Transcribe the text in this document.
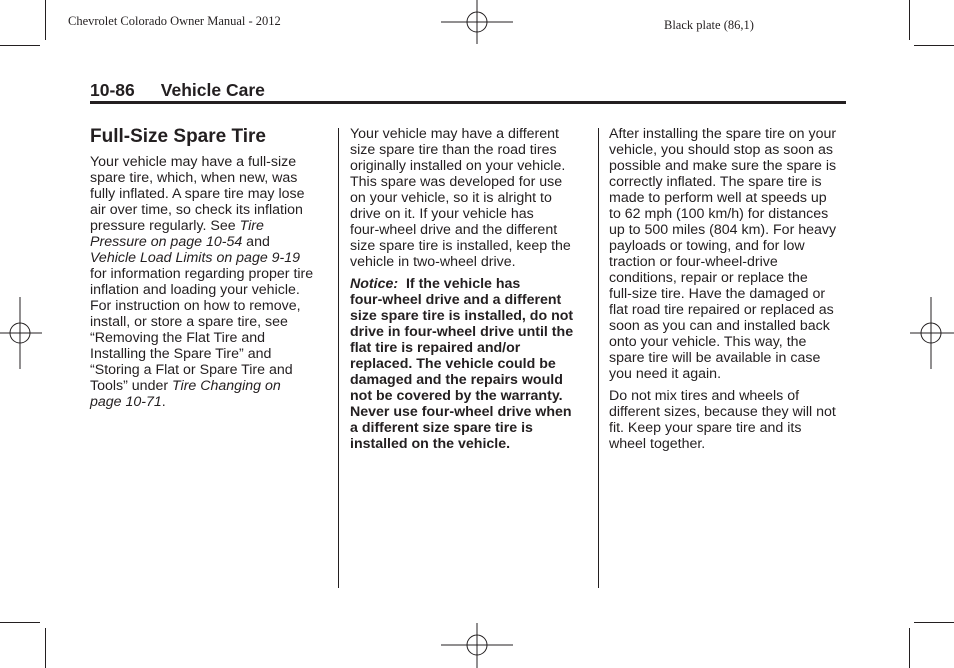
Chevrolet Colorado Owner Manual - 2012	Black plate (86,1)
10-86 Vehicle Care
Full-Size Spare Tire
Your vehicle may have a full-size
spare tire, which, when new, was
fully inflated. A spare tire may lose
air over time, so check its inflation
pressure regularly. See Tire
Pressure on page 10-54 and
Vehicle Load Limits on page 9-19
for information regarding proper tire
inflation and loading your vehicle.
For instruction on how to remove,
install, or store a spare tire, see
“Removing the Flat Tire and
Installing the Spare Tire” and
“Storing a Flat or Spare Tire and
Tools” under Tire Changing on
page 10-71.
Your vehicle may have a different
size spare tire than the road tires
originally installed on your vehicle.
This spare was developed for use
on your vehicle, so it is alright to
drive on it. If your vehicle has
four-wheel drive and the different
size spare tire is installed, keep the
vehicle in two-wheel drive.
Notice:  If the vehicle has
four-wheel drive and a different
size spare tire is installed, do not
drive in four-wheel drive until the
flat tire is repaired and/or
replaced. The vehicle could be
damaged and the repairs would
not be covered by the warranty.
Never use four-wheel drive when
a different size spare tire is
installed on the vehicle.
After installing the spare tire on your
vehicle, you should stop as soon as
possible and make sure the spare is
correctly inflated. The spare tire is
made to perform well at speeds up
to 62 mph (100 km/h) for distances
up to 500 miles (804 km). For heavy
payloads or towing, and for low
traction or four-wheel-drive
conditions, repair or replace the
full-size tire. Have the damaged or
flat road tire repaired or replaced as
soon as you can and installed back
onto your vehicle. This way, the
spare tire will be available in case
you need it again.
Do not mix tires and wheels of
different sizes, because they will not
fit. Keep your spare tire and its
wheel together.
